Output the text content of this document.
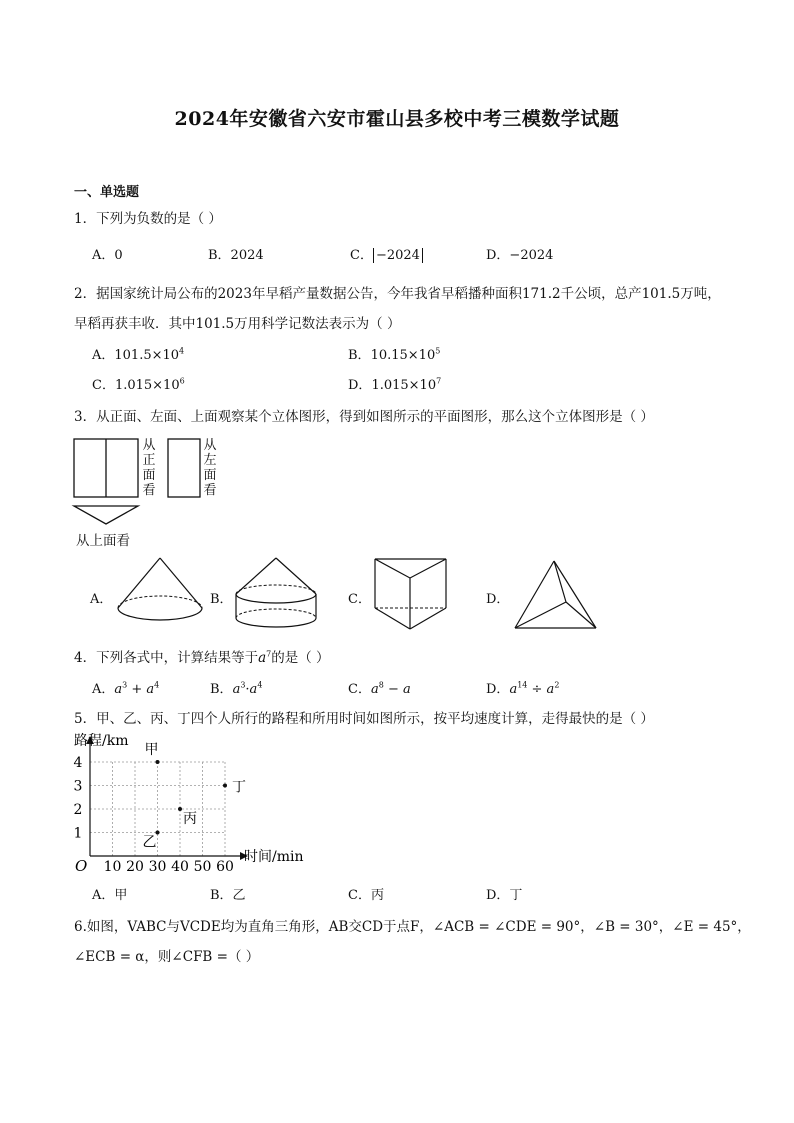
2024年安徽省六安市霍山县多校中考三模数学试题
一、单选题
1．下列为负数的是（ ）
A．0	B．2024	C． −2024	D．−2024
2．据国家统计局公布的2023年早稻产量数据公告，今年我省早稻播种面积171.2千公顷，总产101.5万吨，
早稻再获丰收．其中101.5万用科学记数法表示为（ ）
A．$101.5\times 10^4$	B．$10.15\times 10^5$
C．$1.015\times 10^6$	D．$1.015\times 10^7$
3．从正面、左面、上面观察某个立体图形，得到如图所示的平面图形，那么这个立体图形是（ ）
从
正
面
看
从
左
面
看
从上面看
A．	B．	C．	D．
4．下列各式中，计算结果等于$a^7$的是（ ）
A．$a^3 + a^4$	B．$a^3\cdot a^4$	C．$a^8 - a$	D．$a^{14} \div a^2$
5．甲、乙、丙、丁四个人所行的路程和所用时间如图所示，按平均速度计算，走得最快的是（ ）
10 20 30 40 50 60
1
2
3
4
甲
乙
丙
丁
路程/km
时间/min
O
A．甲	B．乙	C．丙	D．丁
6.如图，VABC与VCDE均为直角三角形，AB交CD于点F，∠ACB = ∠CDE = 90°，∠B = 30°，∠E = 45°，
∠ECB = α，则∠CFB =（ ）
